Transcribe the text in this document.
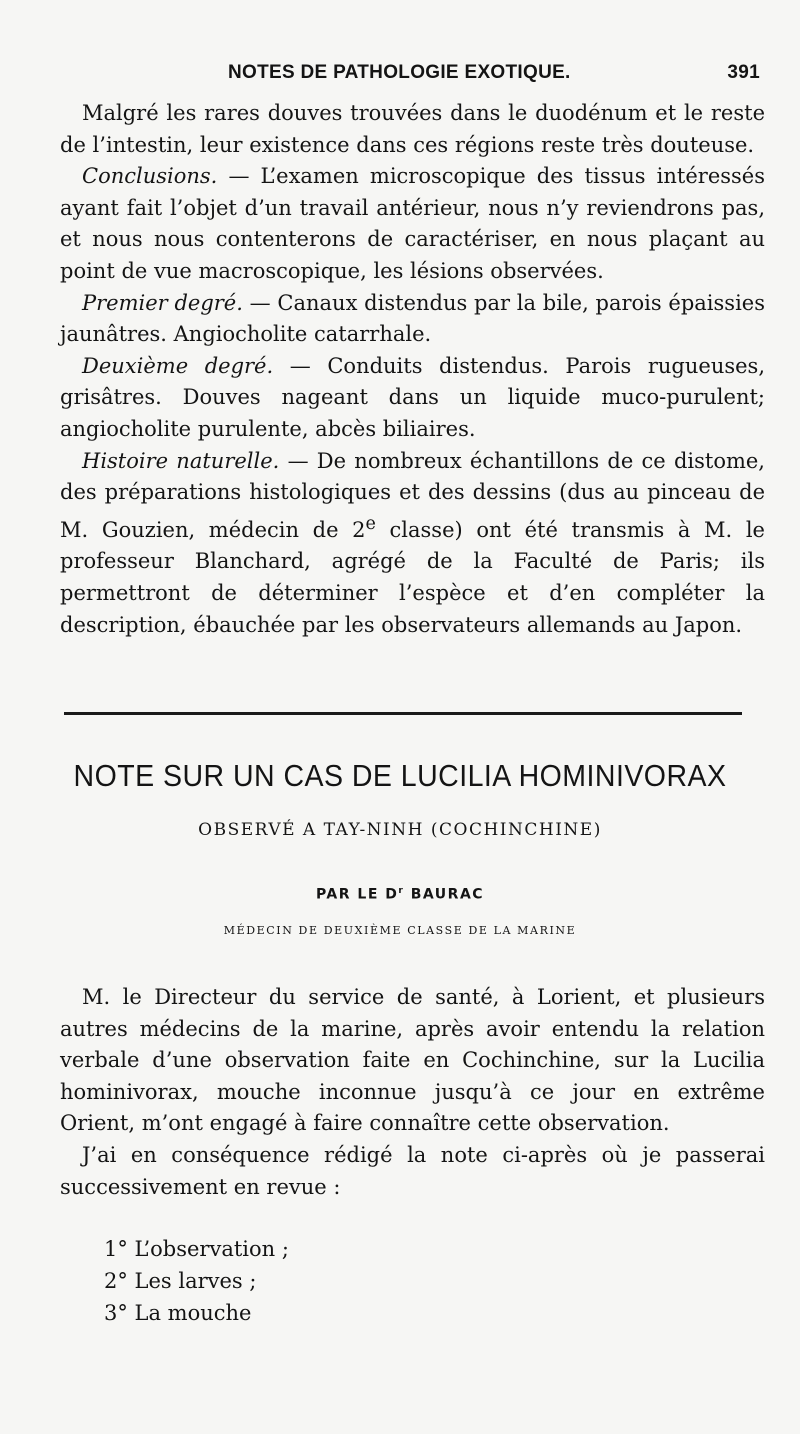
NOTES DE PATHOLOGIE EXOTIQUE.	391

Malgré les rares douves trouvées dans le duodénum et le reste de l’intestin, leur existence dans ces régions reste très douteuse.

Conclusions. — L’examen microscopique des tissus intéressés ayant fait l’objet d’un travail antérieur, nous n’y reviendrons pas, et nous nous contenterons de caractériser, en nous plaçant au point de vue macroscopique, les lésions observées.

Premier degré. — Canaux distendus par la bile, parois épaissies jaunâtres. Angiocholite catarrhale.

Deuxième degré. — Conduits distendus. Parois rugueuses, grisâtres. Douves nageant dans un liquide muco-purulent; angiocholite purulente, abcès biliaires.

Histoire naturelle. — De nombreux échantillons de ce distome, des préparations histologiques et des dessins (dus au pinceau de M. Gouzien, médecin de 2e classe) ont été transmis à M. le professeur Blanchard, agrégé de la Faculté de Paris; ils permettront de déterminer l’espèce et d’en compléter la description, ébauchée par les observateurs allemands au Japon.

NOTE SUR UN CAS DE LUCILIA HOMINIVORAX
OBSERVÉ A TAY-NINH (COCHINCHINE)
PAR LE $D^r$ BAURAC
MÉDECIN DE DEUXIÈME CLASSE DE LA MARINE

M. le Directeur du service de santé, à Lorient, et plusieurs autres médecins de la marine, après avoir entendu la relation verbale d’une observation faite en Cochinchine, sur la Lucilia hominivorax, mouche inconnue jusqu’à ce jour en extrême Orient, m’ont engagé à faire connaître cette observation.

J’ai en conséquence rédigé la note ci-après où je passerai successivement en revue :

1° L’observation ;
2° Les larves ;
3° La mouche
